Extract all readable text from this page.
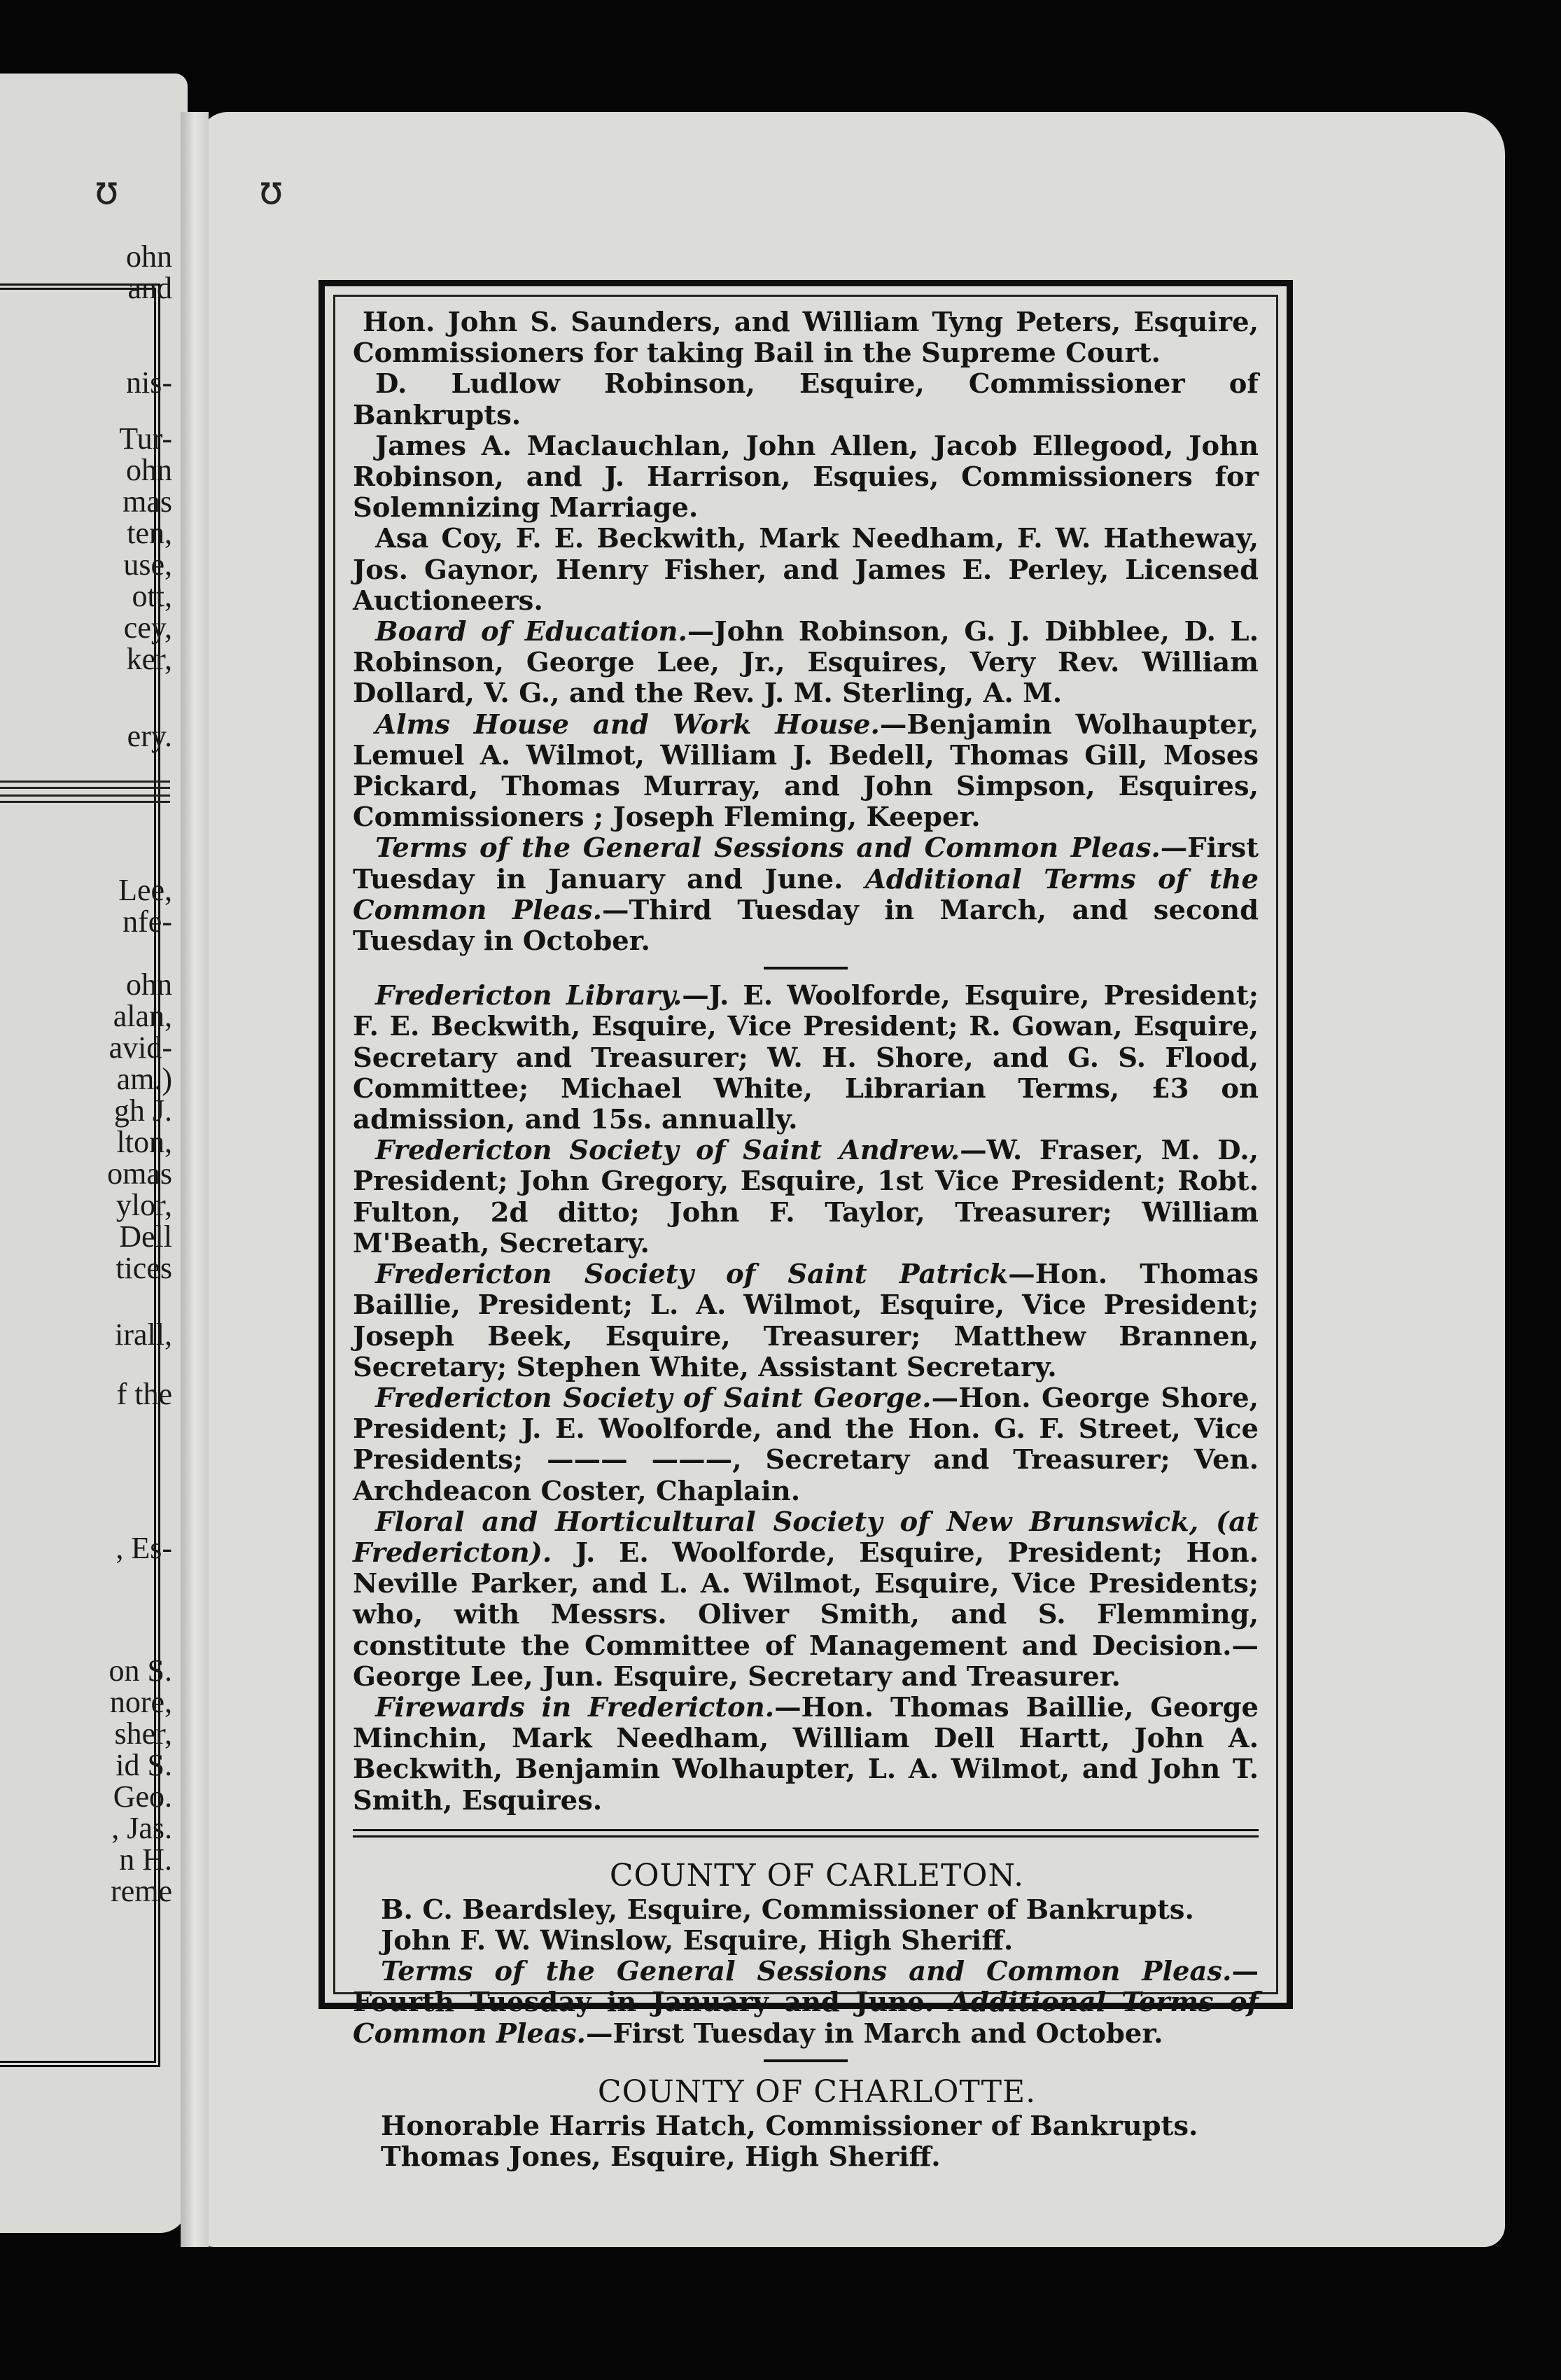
ohn
and
nis-
Tur-
ohn
mas
ten,
use,
ott,
cey,
ker,
ery.
Lee,
nfe-
ohn
alan,
avid-
am.)
gh J.
lton,
omas
ylor,
Dell
tices
irall,
f the
, Es-
on S.
nore,
sher,
id S.
Geo.
, Jas.
n H.
reme
ʊ	ʊ

Hon. John S. Saunders, and William Tyng Peters, Esquire, Commissioners for taking Bail in the Supreme Court.

D. Ludlow Robinson, Esquire, Commissioner of Bankrupts.

James A. Maclauchlan, John Allen, Jacob Ellegood, John Robinson, and J. Harrison, Esquies, Commissioners for Solemnizing Marriage.

Asa Coy, F. E. Beckwith, Mark Needham, F. W. Hatheway, Jos. Gaynor, Henry Fisher, and James E. Perley, Licensed Auctioneers.

Board of Education.—John Robinson, G. J. Dibblee, D. L. Robinson, George Lee, Jr., Esquires, Very Rev. William Dollard, V. G., and the Rev. J. M. Sterling, A. M.

Alms House and Work House.—Benjamin Wolhaupter, Lemuel A. Wilmot, William J. Bedell, Thomas Gill, Moses Pickard, Thomas Murray, and John Simpson, Esquires, Commissioners ; Joseph Fleming, Keeper.

Terms of the General Sessions and Common Pleas.—First Tuesday in January and June. Additional Terms of the Common Pleas.—Third Tuesday in March, and second Tuesday in October.

Fredericton Library.—J. E. Woolforde, Esquire, President; F. E. Beckwith, Esquire, Vice President; R. Gowan, Esquire, Secretary and Treasurer; W. H. Shore, and G. S. Flood, Committee; Michael White, Librarian Terms, £3 on admission, and 15s. annually.

Fredericton Society of Saint Andrew.—W. Fraser, M. D., President; John Gregory, Esquire, 1st Vice President; Robt. Fulton, 2d ditto; John F. Taylor, Treasurer; William M'Beath, Secretary.

Fredericton Society of Saint Patrick—Hon. Thomas Baillie, President; L. A. Wilmot, Esquire, Vice President; Joseph Beek, Esquire, Treasurer; Matthew Brannen, Secretary; Stephen White, Assistant Secretary.

Fredericton Society of Saint George.—Hon. George Shore, President; J. E. Woolforde, and the Hon. G. F. Street, Vice Presidents; ——— ———, Secretary and Treasurer; Ven. Archdeacon Coster, Chaplain.

Floral and Horticultural Society of New Brunswick, (at Fredericton). J. E. Woolforde, Esquire, President; Hon. Neville Parker, and L. A. Wilmot, Esquire, Vice Presidents; who, with Messrs. Oliver Smith, and S. Flemming, constitute the Committee of Management and Decision.—George Lee, Jun. Esquire, Secretary and Treasurer.

Firewards in Fredericton.—Hon. Thomas Baillie, George Minchin, Mark Needham, William Dell Hartt, John A. Beckwith, Benjamin Wolhaupter, L. A. Wilmot, and John T. Smith, Esquires.

COUNTY OF CARLETON.

B. C. Beardsley, Esquire, Commissioner of Bankrupts.

John F. W. Winslow, Esquire, High Sheriff.

Terms of the General Sessions and Common Pleas.—Fourth Tuesday in January and June. Additional Terms of Common Pleas.—First Tuesday in March and October.

COUNTY OF CHARLOTTE.

Honorable Harris Hatch, Commissioner of Bankrupts.

Thomas Jones, Esquire, High Sheriff.
